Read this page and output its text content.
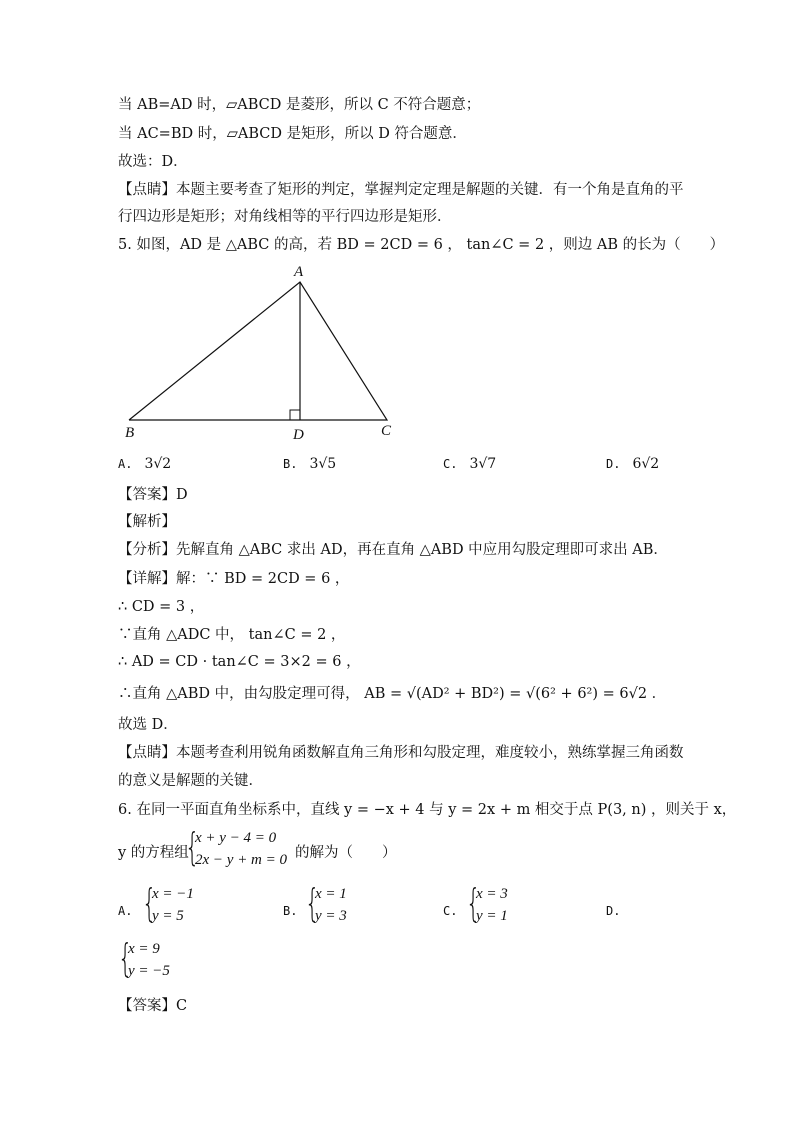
当 AB=AD 时，▱ABCD 是菱形，所以 C 不符合题意；
当 AC=BD 时，▱ABCD 是矩形，所以 D 符合题意．
故选：D．
【点睛】本题主要考查了矩形的判定，掌握判定定理是解题的关键．有一个角是直角的平
行四边形是矩形；对角线相等的平行四边形是矩形．
5. 如图，AD 是 △ABC 的高，若 BD = 2CD = 6 ， tan∠C = 2 ，则边 AB 的长为（　　）
A
B	D	C
A. 3√2	B. 3√5	C. 3√7	D. 6√2
【答案】D
【解析】
【分析】先解直角 △ABC 求出 AD，再在直角 △ABD 中应用勾股定理即可求出 AB．
【详解】解：∵ BD = 2CD = 6 ，
∴ CD = 3 ，
∵直角 △ADC 中， tan∠C = 2 ，
∴ AD = CD · tan∠C = 3×2 = 6 ，
∴直角 △ABD 中，由勾股定理可得， AB = √(AD² + BD²) = √(6² + 6²) = 6√2 ．
故选 D．
【点睛】本题考查利用锐角函数解直角三角形和勾股定理，难度较小，熟练掌握三角函数
的意义是解题的关键．
6. 在同一平面直角坐标系中，直线 y = −x + 4 与 y = 2x + m 相交于点 P(3, n) ，则关于 x，
y 的方程组
{
x + y − 4 = 0
2x − y + m = 0 的解为（　　）
A. {
x = −1
y = 5	B. {
x = 1
y = 3	C. {
x = 3
y = 1	D.
{
x = 9
y = −5
【答案】C
